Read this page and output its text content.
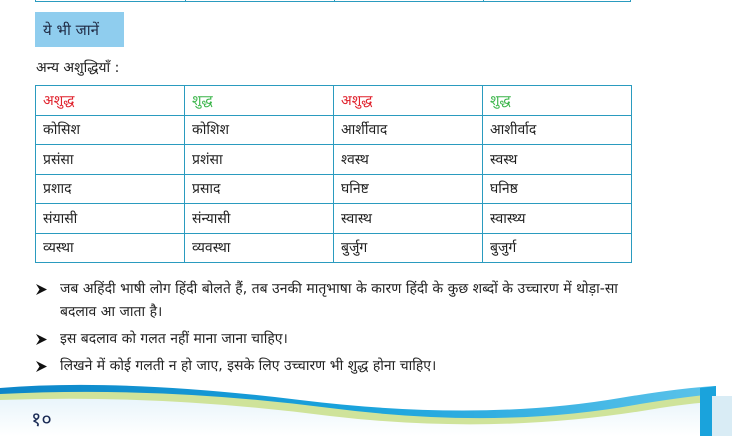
ये भी जानें
अन्य अशुद्धियाँ :
अशुद्ध	शुद्ध	अशुद्ध	शुद्ध
कोसिश	कोशिश	आर्शीवाद	आशीर्वाद
प्रसंसा	प्रशंसा	श्वस्थ	स्वस्थ
प्रशाद	प्रसाद	घनिष्ट	घनिष्ठ
संयासी	संन्यासी	स्वास्थ	स्वास्थ्य
व्यस्था	व्यवस्था	बुर्जुग	बुजुर्ग
जब अहिंदी भाषी लोग हिंदी बोलते हैं, तब उनकी मातृभाषा के कारण हिंदी के कुछ शब्दों के उच्चारण में थोड़ा-सा बदलाव आ जाता है।
इस बदलाव को गलत नहीं माना जाना चाहिए।
लिखने में कोई गलती न हो जाए, इसके लिए उच्चारण भी शुद्ध होना चाहिए।
१०
